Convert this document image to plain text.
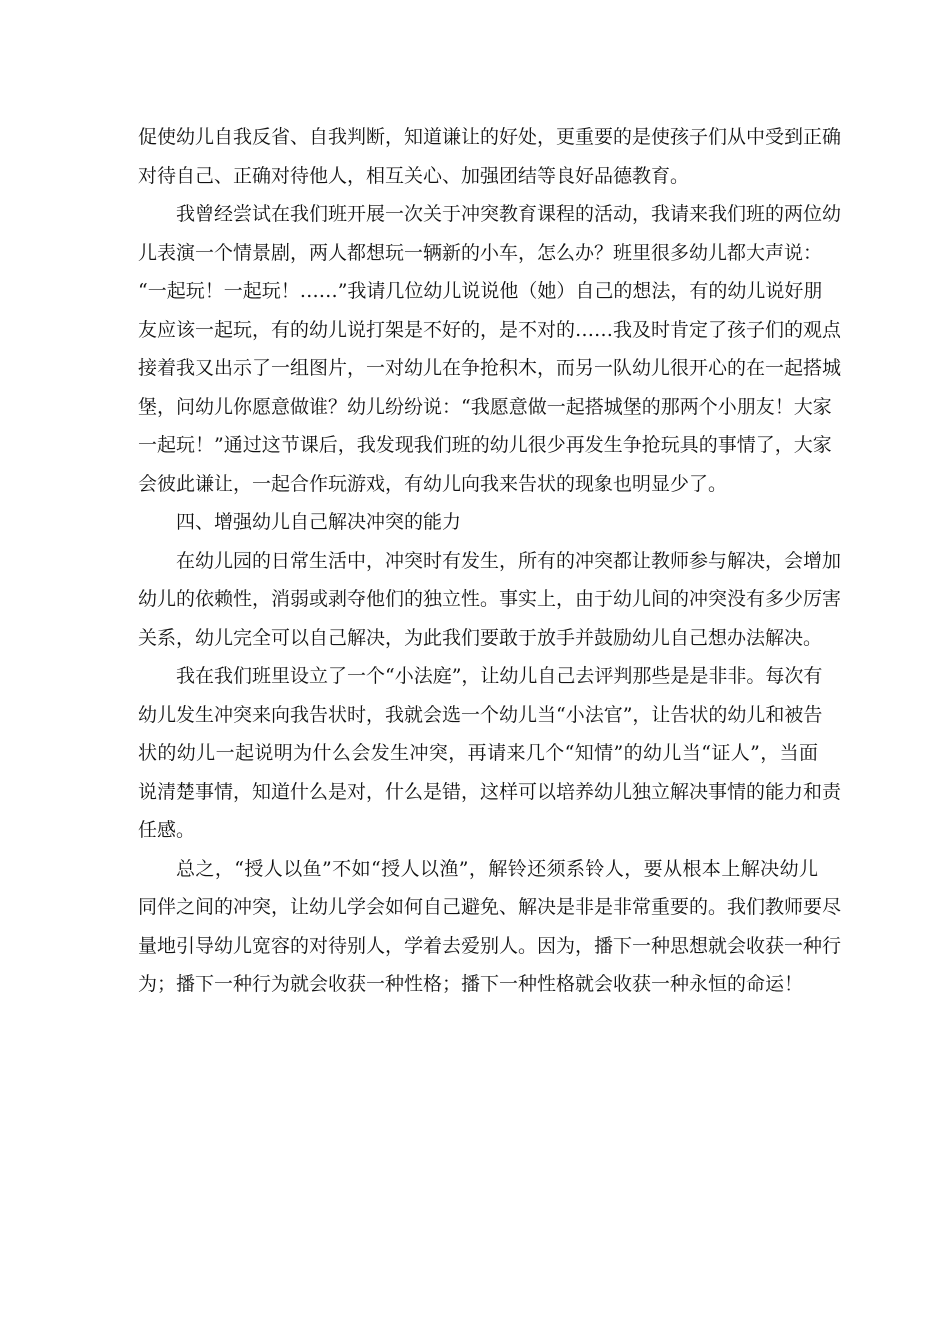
促使幼儿自我反省、自我判断，知道谦让的好处，更重要的是使孩子们从中受到正确
对待自己、正确对待他人，相互关心、加强团结等良好品德教育。
我曾经尝试在我们班开展一次关于冲突教育课程的活动，我请来我们班的两位幼
儿表演一个情景剧，两人都想玩一辆新的小车，怎么办？班里很多幼儿都大声说：
“一起玩！一起玩！……”我请几位幼儿说说他（她）自己的想法，有的幼儿说好朋
友应该一起玩，有的幼儿说打架是不好的，是不对的……我及时肯定了孩子们的观点
接着我又出示了一组图片，一对幼儿在争抢积木，而另一队幼儿很开心的在一起搭城
堡，问幼儿你愿意做谁？幼儿纷纷说：“我愿意做一起搭城堡的那两个小朋友！大家
一起玩！”通过这节课后，我发现我们班的幼儿很少再发生争抢玩具的事情了，大家
会彼此谦让，一起合作玩游戏，有幼儿向我来告状的现象也明显少了。
四、增强幼儿自己解决冲突的能力
在幼儿园的日常生活中，冲突时有发生，所有的冲突都让教师参与解决，会增加
幼儿的依赖性，消弱或剥夺他们的独立性。事实上，由于幼儿间的冲突没有多少厉害
关系，幼儿完全可以自己解决，为此我们要敢于放手并鼓励幼儿自己想办法解决。
我在我们班里设立了一个“小法庭”，让幼儿自己去评判那些是是非非。每次有
幼儿发生冲突来向我告状时，我就会选一个幼儿当“小法官”，让告状的幼儿和被告
状的幼儿一起说明为什么会发生冲突，再请来几个“知情”的幼儿当“证人”，当面
说清楚事情，知道什么是对，什么是错，这样可以培养幼儿独立解决事情的能力和责
任感。
总之，“授人以鱼”不如“授人以渔”，解铃还须系铃人，要从根本上解决幼儿
同伴之间的冲突，让幼儿学会如何自己避免、解决是非是非常重要的。我们教师要尽
量地引导幼儿宽容的对待别人，学着去爱别人。因为，播下一种思想就会收获一种行
为；播下一种行为就会收获一种性格；播下一种性格就会收获一种永恒的命运！
